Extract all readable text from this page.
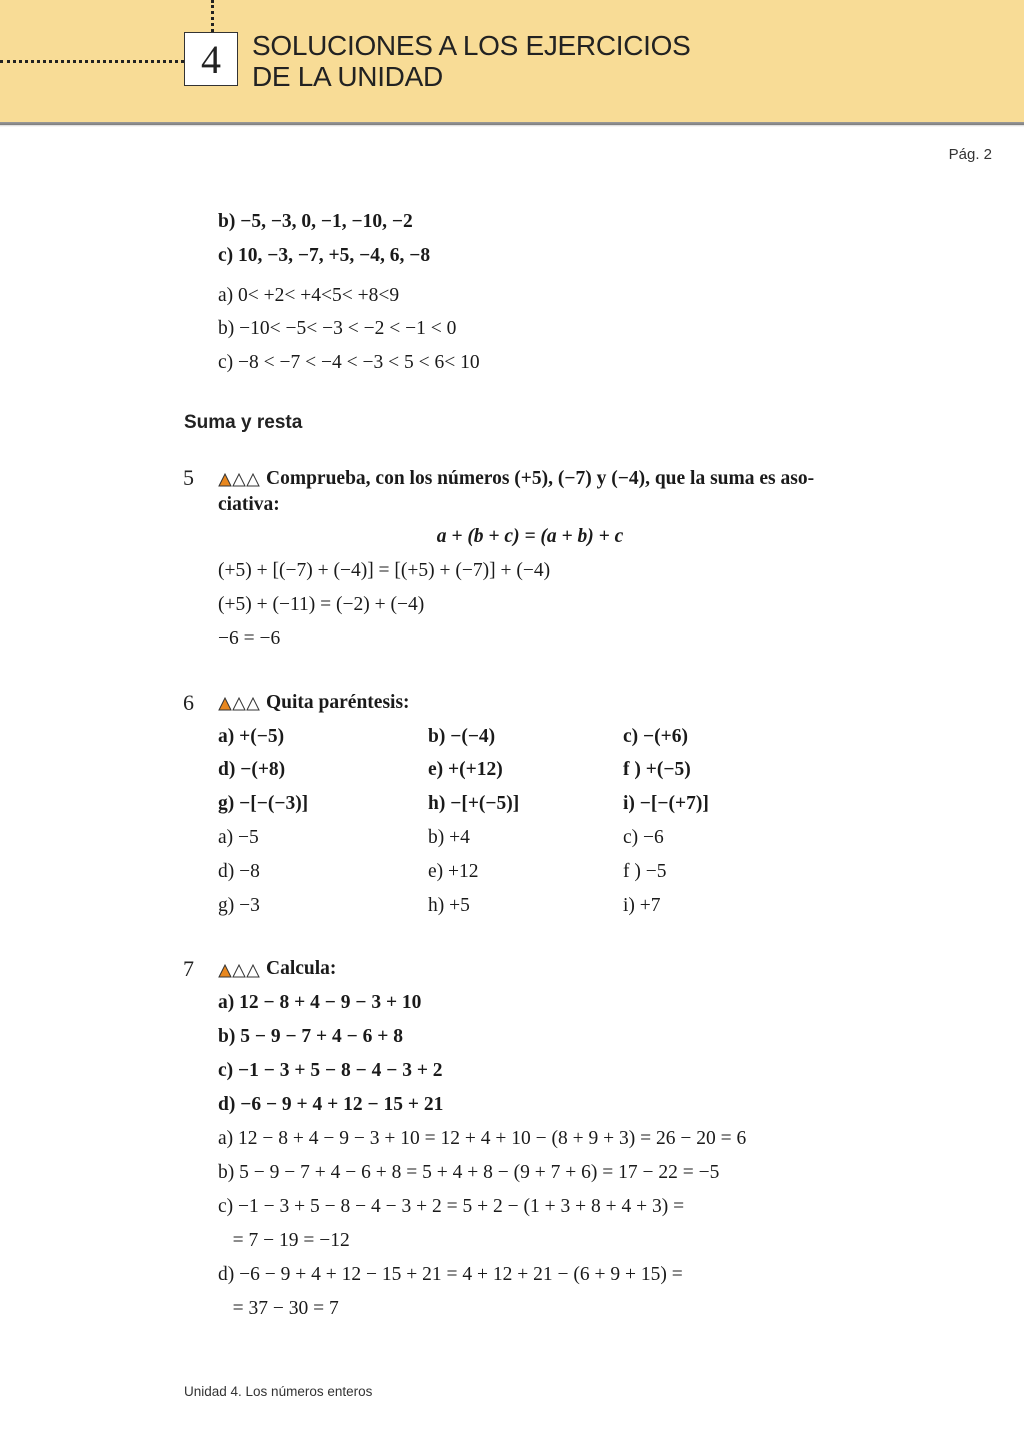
4	SOLUCIONES A LOS EJERCICIOS
DE LA UNIDAD
Pág. 2
b) −5, −3, 0, −1, −10, −2
c) 10, −3, −7, +5, −4, 6, −8
a) 0< +2< +4<5< +8<9
b) −10< −5< −3 < −2 < −1 < 0
c) −8 < −7 < −4 < −3 < 5 < 6< 10
Suma y resta
5	Comprueba, con los números (+5), (−7) y (−4), que la suma es aso-
ciativa:
a + (b + c) = (a + b) + c
(+5) + [(−7) + (−4)] = [(+5) + (−7)] + (−4)
(+5) + (−11) = (−2) + (−4)
−6 = −6
6	Quita paréntesis:
a) +(−5)	b) −(−4)	c) −(+6)
d) −(+8)	e) +(+12)	f ) +(−5)
g) −[−(−3)]	h) −[+(−5)]	i) −[−(+7)]
a) −5	b) +4	c) −6
d) −8	e) +12	f ) −5
g) −3	h) +5	i) +7
7	Calcula:
a) 12 − 8 + 4 − 9 − 3 + 10
b) 5 − 9 − 7 + 4 − 6 + 8
c) −1 − 3 + 5 − 8 − 4 − 3 + 2
d) −6 − 9 + 4 + 12 − 15 + 21
a) 12 − 8 + 4 − 9 − 3 + 10 = 12 + 4 + 10 − (8 + 9 + 3) = 26 − 20 = 6
b) 5 − 9 − 7 + 4 − 6 + 8 = 5 + 4 + 8 − (9 + 7 + 6) = 17 − 22 = −5
c) −1 − 3 + 5 − 8 − 4 − 3 + 2 = 5 + 2 − (1 + 3 + 8 + 4 + 3) =
= 7 − 19 = −12
d) −6 − 9 + 4 + 12 − 15 + 21 = 4 + 12 + 21 − (6 + 9 + 15) =
= 37 − 30 = 7
Unidad 4. Los números enteros
